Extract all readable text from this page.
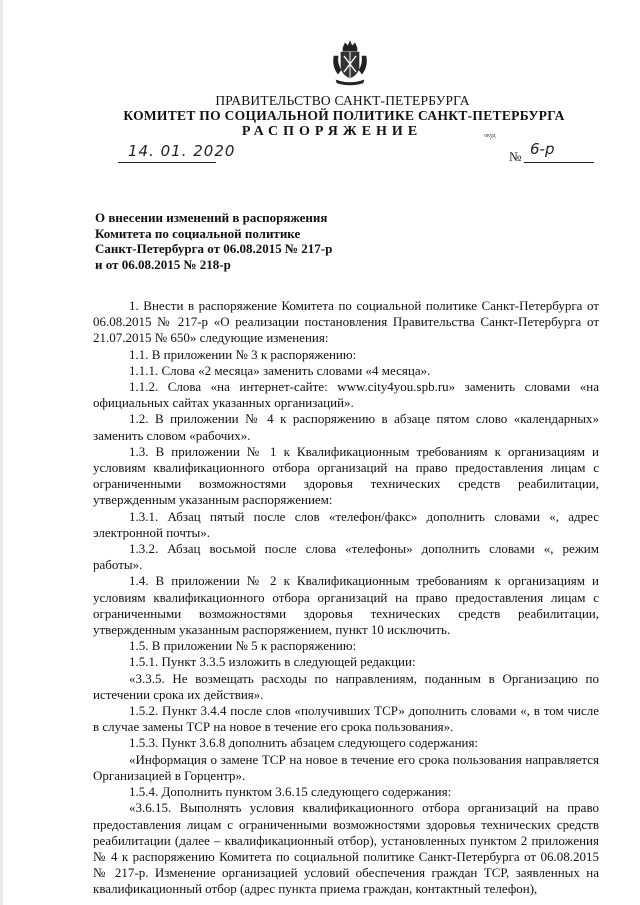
ПРАВИТЕЛЬСТВО САНКТ-ПЕТЕРБУРГА
КОМИТЕТ ПО СОЦИАЛЬНОЙ ПОЛИТИКЕ САНКТ-ПЕТЕРБУРГА
РАСПОРЯЖЕНИЕ	окуд
14. 01. 2020	№ 6-р
О внесении изменений в распоряжения
Комитета по социальной политике
Санкт-Петербурга от 06.08.2015 № 217-р
и от 06.08.2015 № 218-р

1. Внести в распоряжение Комитета по социальной политике Санкт-Петербурга от 06.08.2015 № 217-р «О реализации постановления Правительства Санкт-Петербурга от 21.07.2015 № 650» следующие изменения:

1.1. В приложении № 3 к распоряжению:

1.1.1. Слова «2 месяца» заменить словами «4 месяца».

1.1.2. Слова «на интернет-сайте: www.city4you.spb.ru» заменить словами «на официальных сайтах указанных организаций».

1.2. В приложении № 4 к распоряжению в абзаце пятом слово «календарных» заменить словом «рабочих».

1.3. В приложении № 1 к Квалификационным требованиям к организациям и условиям квалификационного отбора организаций на право предоставления лицам с ограниченными возможностями здоровья технических средств реабилитации, утвержденным указанным распоряжением:

1.3.1. Абзац пятый после слов «телефон/факс» дополнить словами «, адрес электронной почты».

1.3.2. Абзац восьмой после слова «телефоны» дополнить словами «, режим работы».

1.4. В приложении № 2 к Квалификационным требованиям к организациям и условиям квалификационного отбора организаций на право предоставления лицам с ограниченными возможностями здоровья технических средств реабилитации, утвержденным указанным распоряжением, пункт 10 исключить.

1.5. В приложении № 5 к распоряжению:

1.5.1. Пункт 3.3.5 изложить в следующей редакции:

«3.3.5. Не возмещать расходы по направлениям, поданным в Организацию по истечении срока их действия».

1.5.2. Пункт 3.4.4 после слов «получивших ТСР» дополнить словами «, в том числе в случае замены ТСР на новое в течение его срока пользования».

1.5.3. Пункт 3.6.8 дополнить абзацем следующего содержания:

«Информация о замене ТСР на новое в течение его срока пользования направляется Организацией в Горцентр».

1.5.4. Дополнить пунктом 3.6.15 следующего содержания:

«3.6.15. Выполнять условия квалификационного отбора организаций на право предоставления лицам с ограниченными возможностями здоровья технических средств реабилитации (далее – квалификационный отбор), установленных пунктом 2 приложения № 4 к распоряжению Комитета по социальной политике Санкт-Петербурга от 06.08.2015 № 217-р. Изменение организацией условий обеспечения граждан ТСР, заявленных на квалификационный отбор (адрес пункта приема граждан, контактный телефон),
